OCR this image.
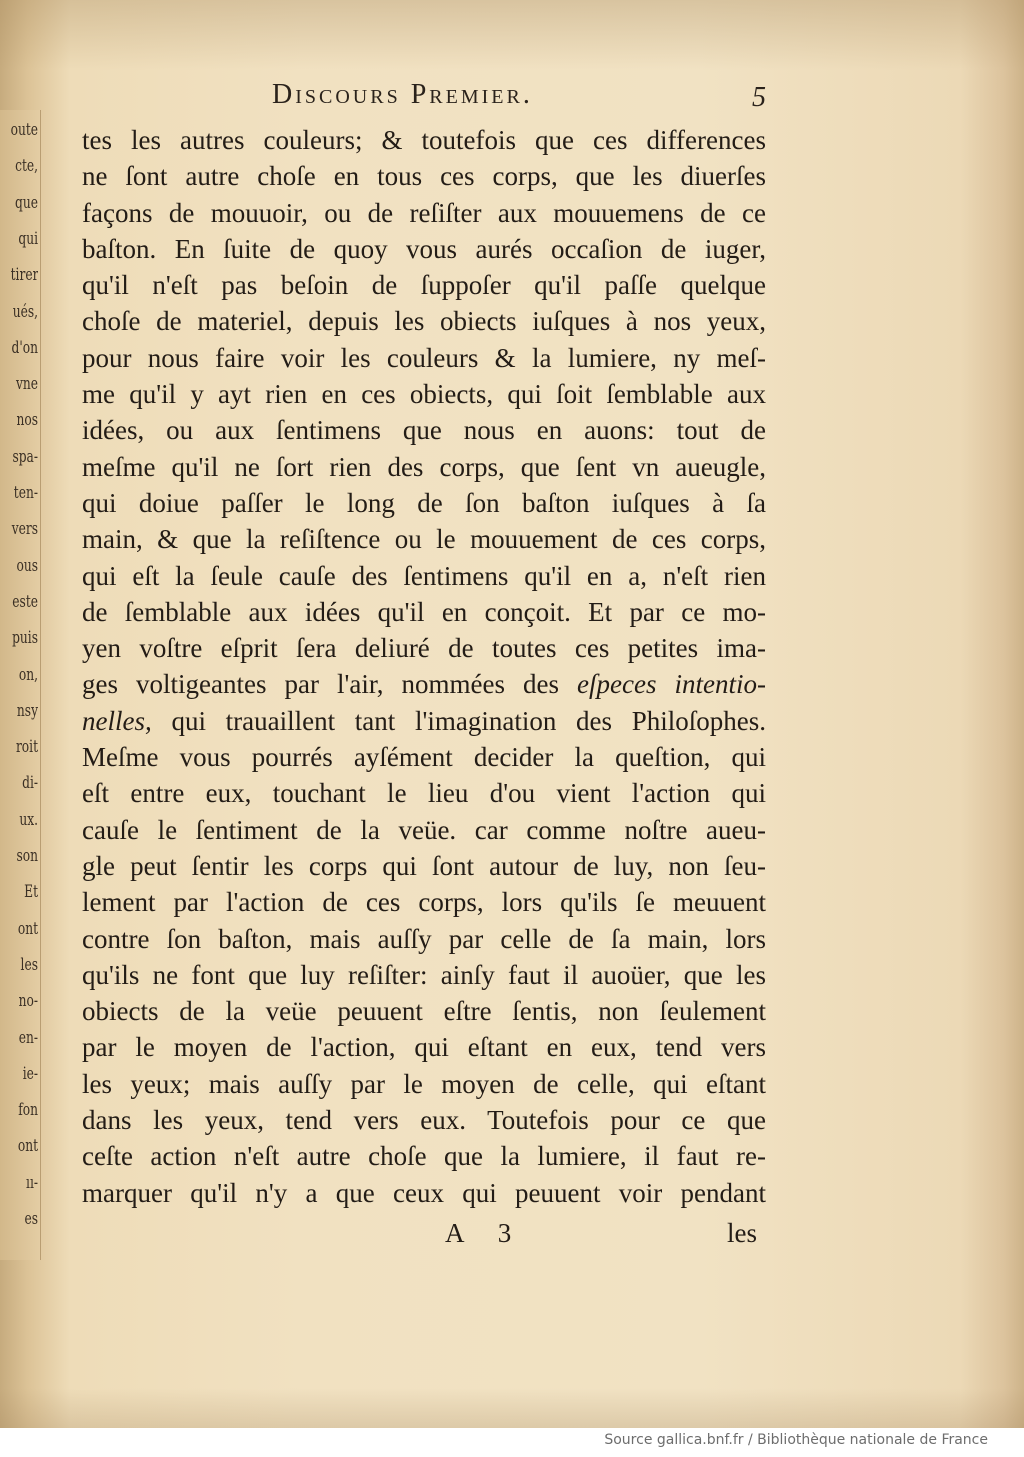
oute
cte,
que
qui
tirer
ués,
d'on
vne
nos
spa-
ten-
vers
ous
este
puis
on,
nsy
roit
di-
ux.
son
Et
ont
les
no-
en-
ie-
fon
ont
ıı-
es
Discours Premier.	5
tes les autres couleurs; & toutefois que ces differences
ne ſont autre choſe en tous ces corps, que les diuerſes
façons de mouuoir, ou de reſiſter aux mouuemens de ce
baſton. En ſuite de quoy vous aurés occaſion de iuger,
qu'il n'eſt pas beſoin de ſuppoſer qu'il paſſe quelque
choſe de materiel, depuis les obiects iuſques à nos yeux,
pour nous faire voir les couleurs & la lumiere, ny meſ-
me qu'il y ayt rien en ces obiects, qui ſoit ſemblable aux
idées, ou aux ſentimens que nous en auons: tout de
meſme qu'il ne ſort rien des corps, que ſent vn aueugle,
qui doiue paſſer le long de ſon baſton iuſques à ſa
main, & que la reſiſtence ou le mouuement de ces corps,
qui eſt la ſeule cauſe des ſentimens qu'il en a, n'eſt rien
de ſemblable aux idées qu'il en conçoit. Et par ce mo-
yen voſtre eſprit ſera deliuré de toutes ces petites ima-
ges voltigeantes par l'air, nommées des eſpeces intentio-
nelles, qui trauaillent tant l'imagination des Philoſophes.
Meſme vous pourrés ayſément decider la queſtion, qui
eſt entre eux, touchant le lieu d'ou vient l'action qui
cauſe le ſentiment de la veüe. car comme noſtre aueu-
gle peut ſentir les corps qui ſont autour de luy, non ſeu-
lement par l'action de ces corps, lors qu'ils ſe meuuent
contre ſon baſton, mais auſſy par celle de ſa main, lors
qu'ils ne font que luy reſiſter: ainſy faut il auoüer, que les
obiects de la veüe peuuent eſtre ſentis, non ſeulement
par le moyen de l'action, qui eſtant en eux, tend vers
les yeux; mais auſſy par le moyen de celle, qui eſtant
dans les yeux, tend vers eux. Toutefois pour ce que
ceſte action n'eſt autre choſe que la lumiere, il faut re-
marquer qu'il n'y a que ceux qui peuuent voir pendant
A 3	les
Source gallica.bnf.fr / Bibliothèque nationale de France
